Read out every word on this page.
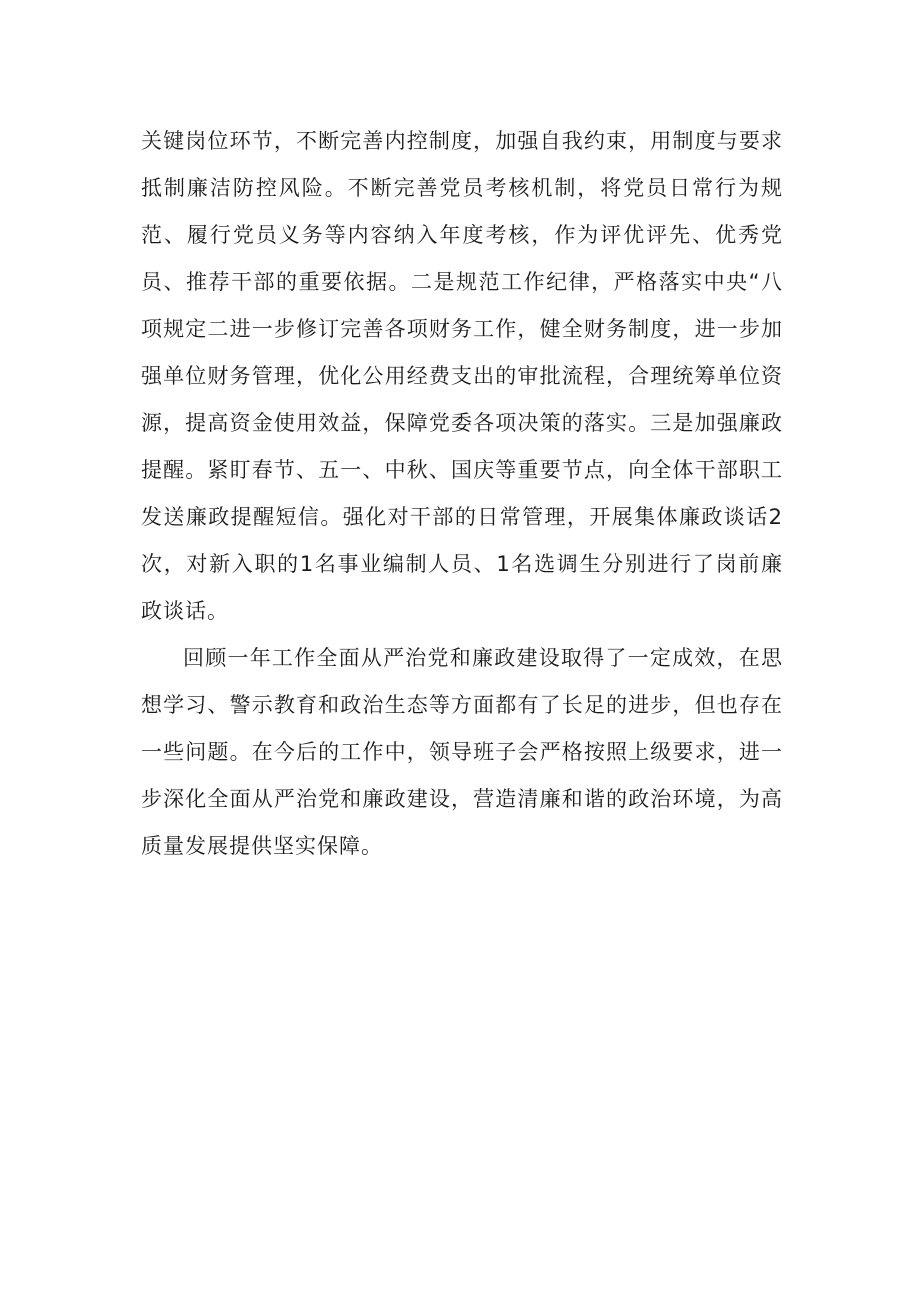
关键岗位环节，不断完善内控制度，加强自我约束，用制度与要求抵制廉洁防控风险。不断完善党员考核机制，将党员日常行为规范、履行党员义务等内容纳入年度考核，作为评优评先、优秀党员、推荐干部的重要依据。二是规范工作纪律，严格落实中央“八项规定二进一步修订完善各项财务工作，健全财务制度，进一步加强单位财务管理，优化公用经费支出的审批流程，合理统筹单位资源，提高资金使用效益，保障党委各项决策的落实。三是加强廉政提醒。紧盯春节、五一、中秋、国庆等重要节点，向全体干部职工发送廉政提醒短信。强化对干部的日常管理，开展集体廉政谈话2次，对新入职的1名事业编制人员、1名选调生分别进行了岗前廉政谈话。

回顾一年工作全面从严治党和廉政建设取得了一定成效，在思想学习、警示教育和政治生态等方面都有了长足的进步，但也存在一些问题。在今后的工作中，领导班子会严格按照上级要求，进一步深化全面从严治党和廉政建设，营造清廉和谐的政治环境，为高质量发展提供坚实保障。
